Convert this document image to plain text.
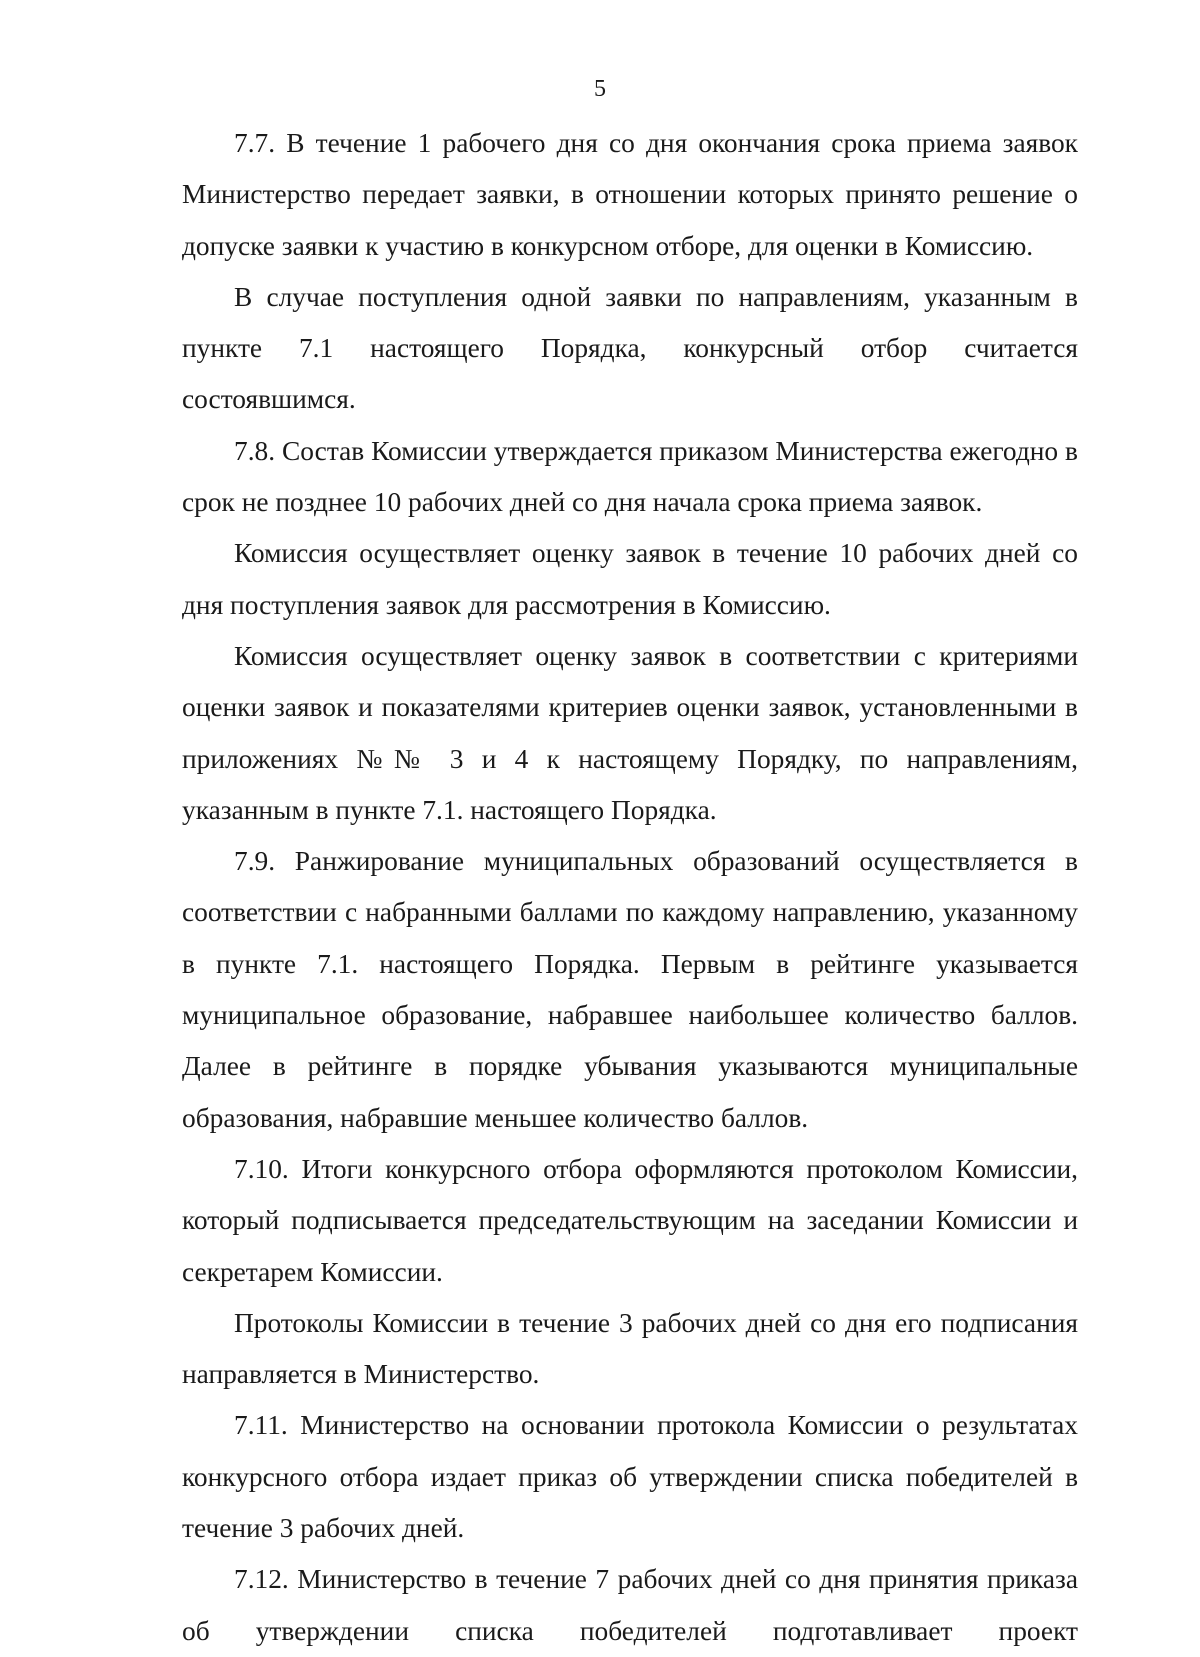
5

7.7. В течение 1 рабочего дня со дня окончания срока приема заявок Министерство передает заявки, в отношении которых принято решение о допуске заявки к участию в конкурсном отборе, для оценки в Комиссию.

В случае поступления одной заявки по направлениям, указанным в пункте 7.1 настоящего Порядка, конкурсный отбор считается состоявшимся.

7.8. Состав Комиссии утверждается приказом Министерства ежегодно в срок не позднее 10 рабочих дней со дня начала срока приема заявок.

Комиссия осуществляет оценку заявок в течение 10 рабочих дней со дня поступления заявок для рассмотрения в Комиссию.

Комиссия осуществляет оценку заявок в соответствии с критериями оценки заявок и показателями критериев оценки заявок, установленными в приложениях №№ 3 и 4 к настоящему Порядку, по направлениям, указанным в пункте 7.1. настоящего Порядка.

7.9. Ранжирование муниципальных образований осуществляется в соответствии с набранными баллами по каждому направлению, указанному в пункте 7.1. настоящего Порядка. Первым в рейтинге указывается муниципальное образование, набравшее наибольшее количество баллов. Далее в рейтинге в порядке убывания указываются муниципальные образования, набравшие меньшее количество баллов.

7.10. Итоги конкурсного отбора оформляются протоколом Комиссии, который подписывается председательствующим на заседании Комиссии и секретарем Комиссии.

Протоколы Комиссии в течение 3 рабочих дней со дня его подписания направляется в Министерство.

7.11. Министерство на основании протокола Комиссии о результатах конкурсного отбора издает приказ об утверждении списка победителей в течение 3 рабочих дней.

7.12. Министерство в течение 7 рабочих дней со дня принятия приказа об утверждении списка победителей подготавливает проект
